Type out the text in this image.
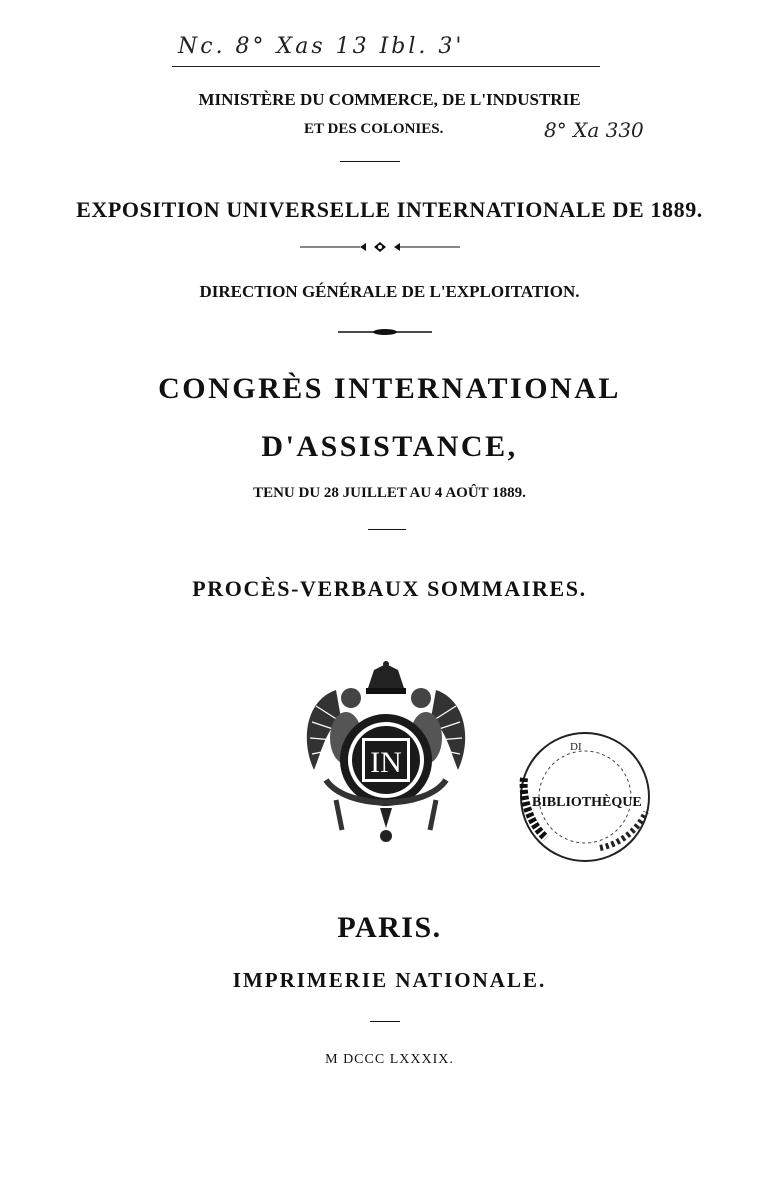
Nc. 8° Xas 13 Ibl. 3'
MINISTÈRE DU COMMERCE, DE L'INDUSTRIE
ET DES COLONIES.	8° Xa 330
EXPOSITION UNIVERSELLE INTERNATIONALE DE 1889.
DIRECTION GÉNÉRALE DE L'EXPLOITATION.
CONGRÈS INTERNATIONAL
D'ASSISTANCE,
TENU DU 28 JUILLET AU 4 AOÛT 1889.
PROCÈS-VERBAUX SOMMAIRES.
IN	DI
BIBLIOTHÈQUE
PARIS.
IMPRIMERIE NATIONALE.
M DCCC LXXXIX.
